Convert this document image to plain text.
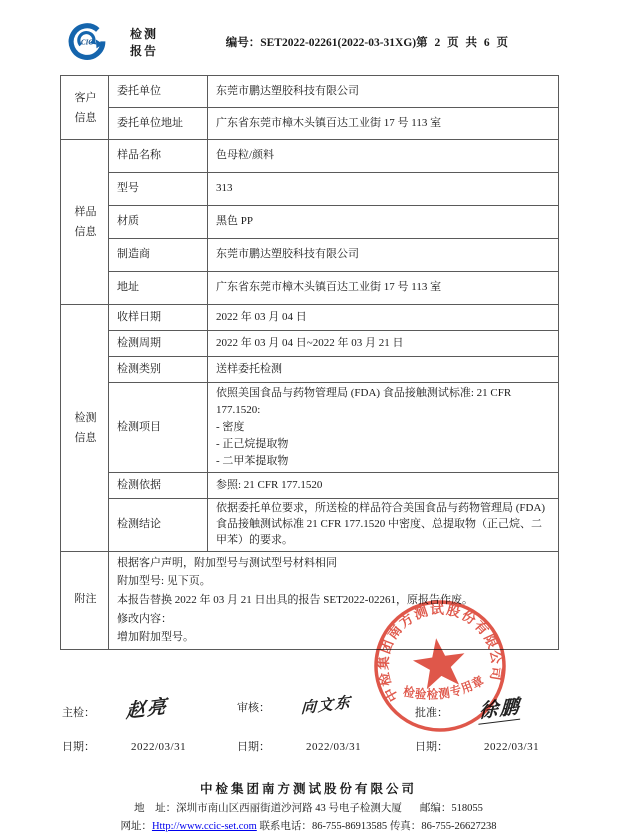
CIC
检测报告
编号：SET2022-02261(2022-03-31XG) 第 2 页 共 6 页
客户
信息	委托单位	东莞市鹏达塑胶科技有限公司
	委托单位地址	广东省东莞市樟木头镇百达工业街 17 号 113 室

样品
信息	样品名称	色母粒/颜料
	型号	313
	材质	黑色 PP
	制造商	东莞市鹏达塑胶科技有限公司
	地址	广东省东莞市樟木头镇百达工业街 17 号 113 室

检测
信息	收样日期	2022 年 03 月 04 日
	检测周期	2022 年 03 月 04 日~2022 年 03 月 21 日
	检测类别	送样委托检测
	检测项目	依照美国食品与药物管理局 (FDA) 食品接触测试标准: 21 CFR 177.1520:
- 密度
- 正己烷提取物
- 二甲苯提取物

	检测依据	参照: 21 CFR 177.1520
	检测结论	依据委托单位要求，所送检的样品符合美国食品与药物管理局 (FDA) 食品接触测试标准 21 CFR 177.1520 中密度、总提取物（正己烷、二甲苯）的要求。
附注	根据客户声明，附加型号与测试型号材料相同
附加型号: 见下页。
本报告替换 2022 年 03 月 21 日出具的报告 SET2022-02261，原报告作废。
修改内容：
增加附加型号。	
主检： 赵亮	审核： 向文东	批准： 徐鹏
日期：	2022/03/31	日期：	2022/03/31	日期：	2022/03/31
中检集团南方测试股份有限公司
检验检测专用章
中检集团南方测试股份有限公司
地　址：深圳市南山区西丽街道沙河路 43 号电子检测大厦 邮编：518055
网址：Http://www.ccic-set.com 联系电话：86-755-86913585 传真：86-755-26627238
